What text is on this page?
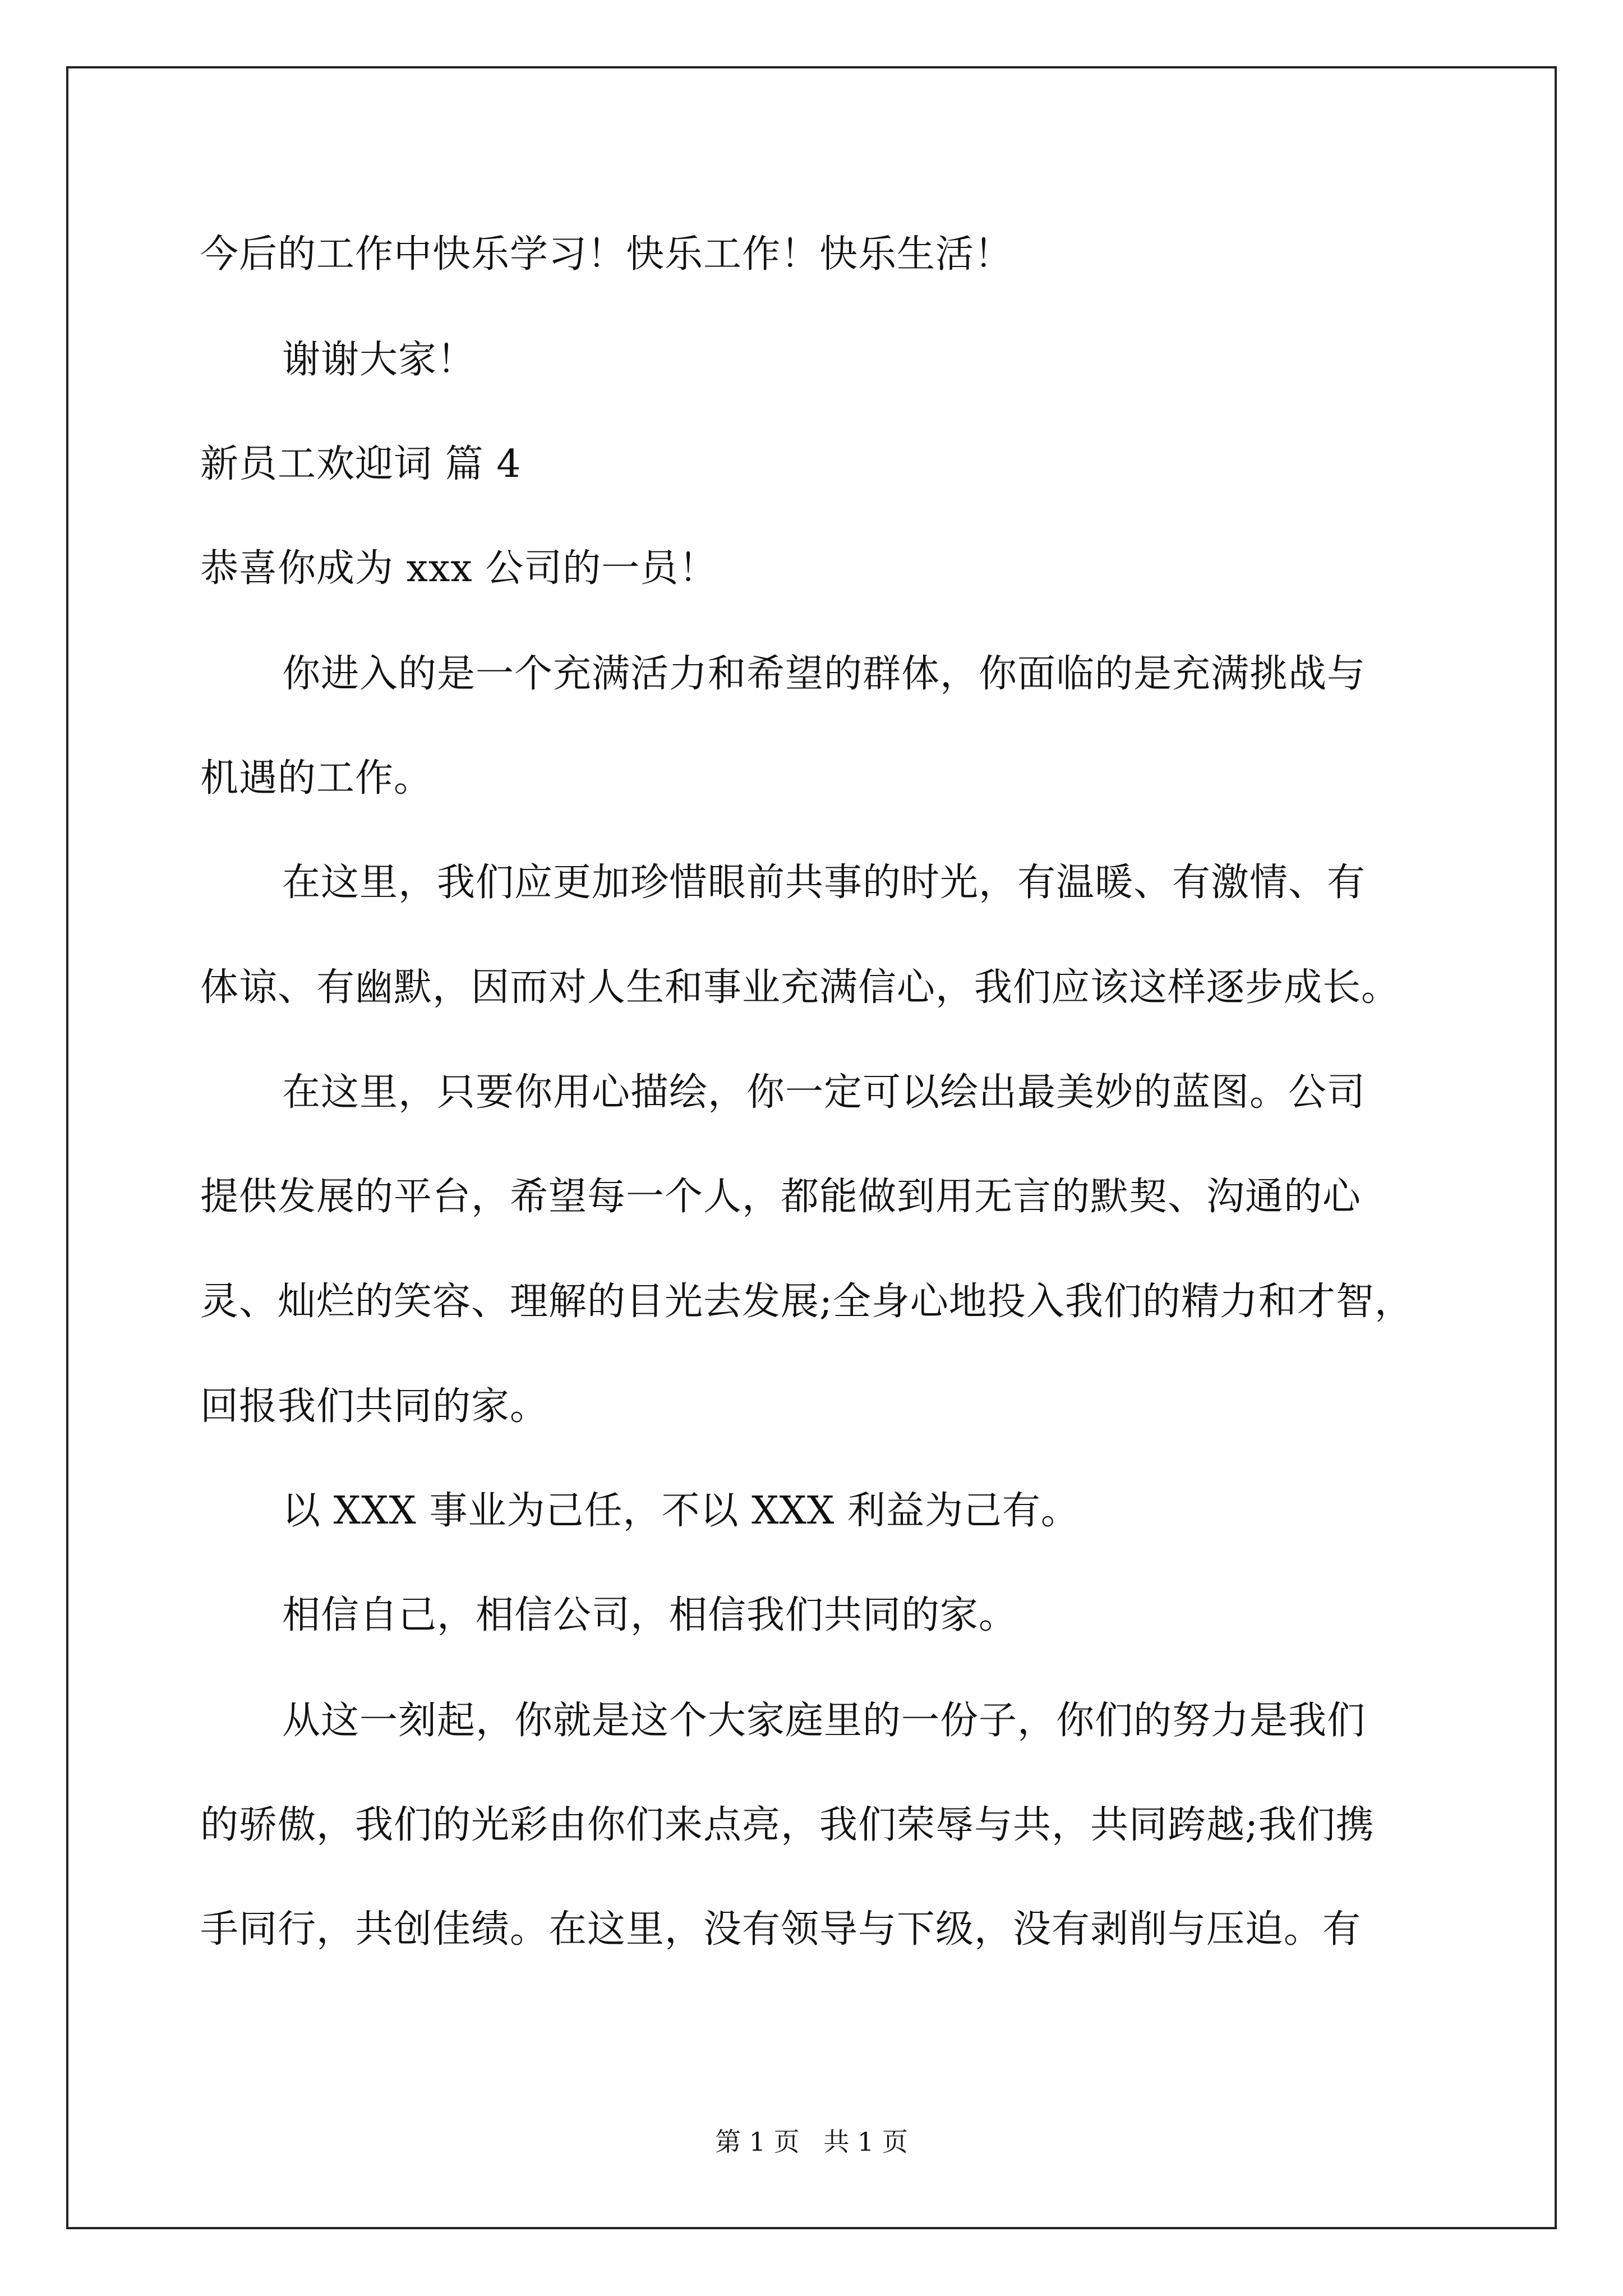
今后的工作中快乐学习！快乐工作！快乐生活！
谢谢大家！
新员工欢迎词 篇 4
恭喜你成为 xxx 公司的一员！
你进入的是一个充满活力和希望的群体，你面临的是充满挑战与
机遇的工作。
在这里，我们应更加珍惜眼前共事的时光，有温暖、有激情、有
体谅、有幽默，因而对人生和事业充满信心，我们应该这样逐步成长。
在这里，只要你用心描绘，你一定可以绘出最美妙的蓝图。公司
提供发展的平台，希望每一个人，都能做到用无言的默契、沟通的心
灵、灿烂的笑容、理解的目光去发展;全身心地投入我们的精力和才智，
回报我们共同的家。
以 XXX 事业为己任，不以 XXX 利益为己有。
相信自己，相信公司，相信我们共同的家。
从这一刻起，你就是这个大家庭里的一份子，你们的努力是我们
的骄傲，我们的光彩由你们来点亮，我们荣辱与共，共同跨越;我们携
手同行，共创佳绩。在这里，没有领导与下级，没有剥削与压迫。有
第 1 页 共 1 页
